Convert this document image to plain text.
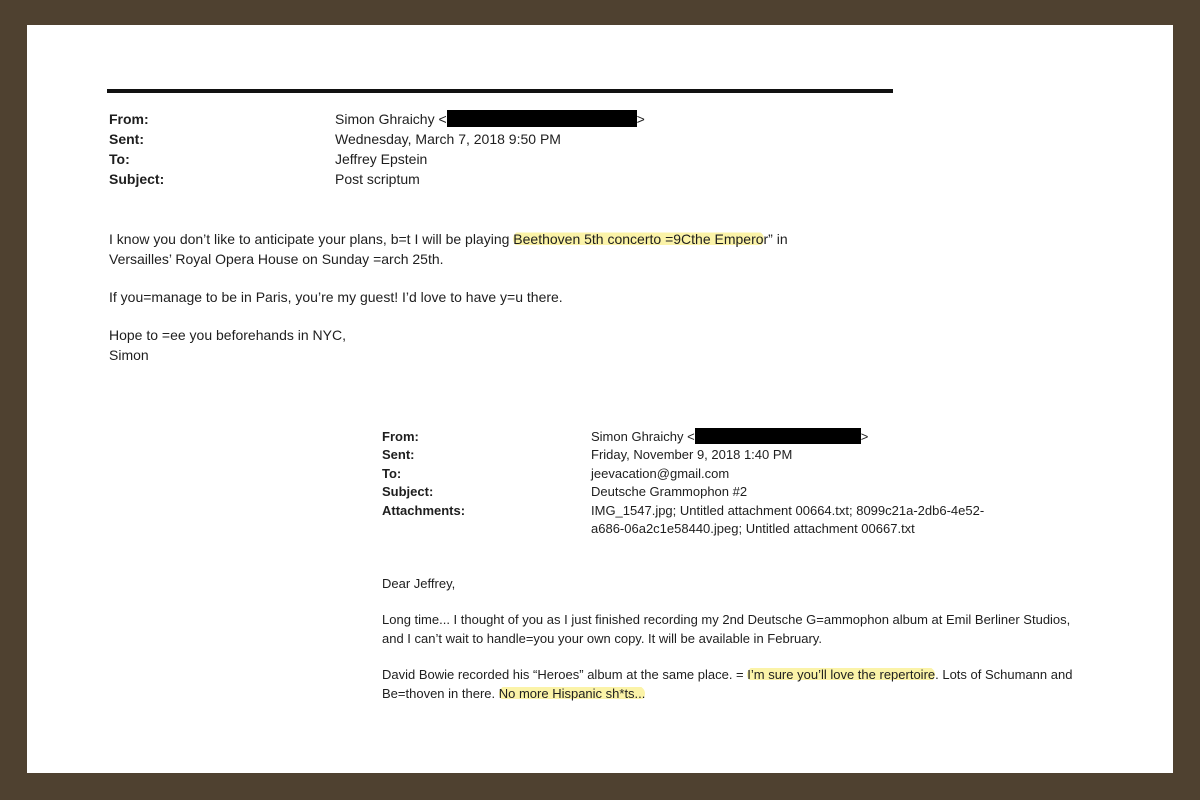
From:	Simon Ghraichy <	>
Sent:	Wednesday, March 7, 2018 9:50 PM
To:	Jeffrey Epstein
Subject:	Post scriptum

I know you don’t like to anticipate your plans, b=t I will be playing Beethoven 5th concerto =9Cthe Emperor” in
Versailles’ Royal Opera House on Sunday =arch 25th.

If you=manage to be in Paris, you’re my guest! I’d love to have y=u there.

Hope to =ee you beforehands in NYC,
Simon

From:	Simon Ghraichy <	>
Sent:	Friday, November 9, 2018 1:40 PM
To:	jeevacation@gmail.com
Subject:	Deutsche Grammophon #2
Attachments:	IMG_1547.jpg; Untitled attachment 00664.txt; 8099c21a-2db6-4e52-
a686-06a2c1e58440.jpeg; Untitled attachment 00667.txt

Dear Jeffrey,

Long time... I thought of you as I just finished recording my 2nd Deutsche G=ammophon album at Emil Berliner Studios,
and I can’t wait to handle=you your own copy. It will be available in February.

David Bowie recorded his “Heroes” album at the same place. = I’m sure you’ll love the repertoire. Lots of Schumann and
Be=thoven in there. No more Hispanic sh*ts...
